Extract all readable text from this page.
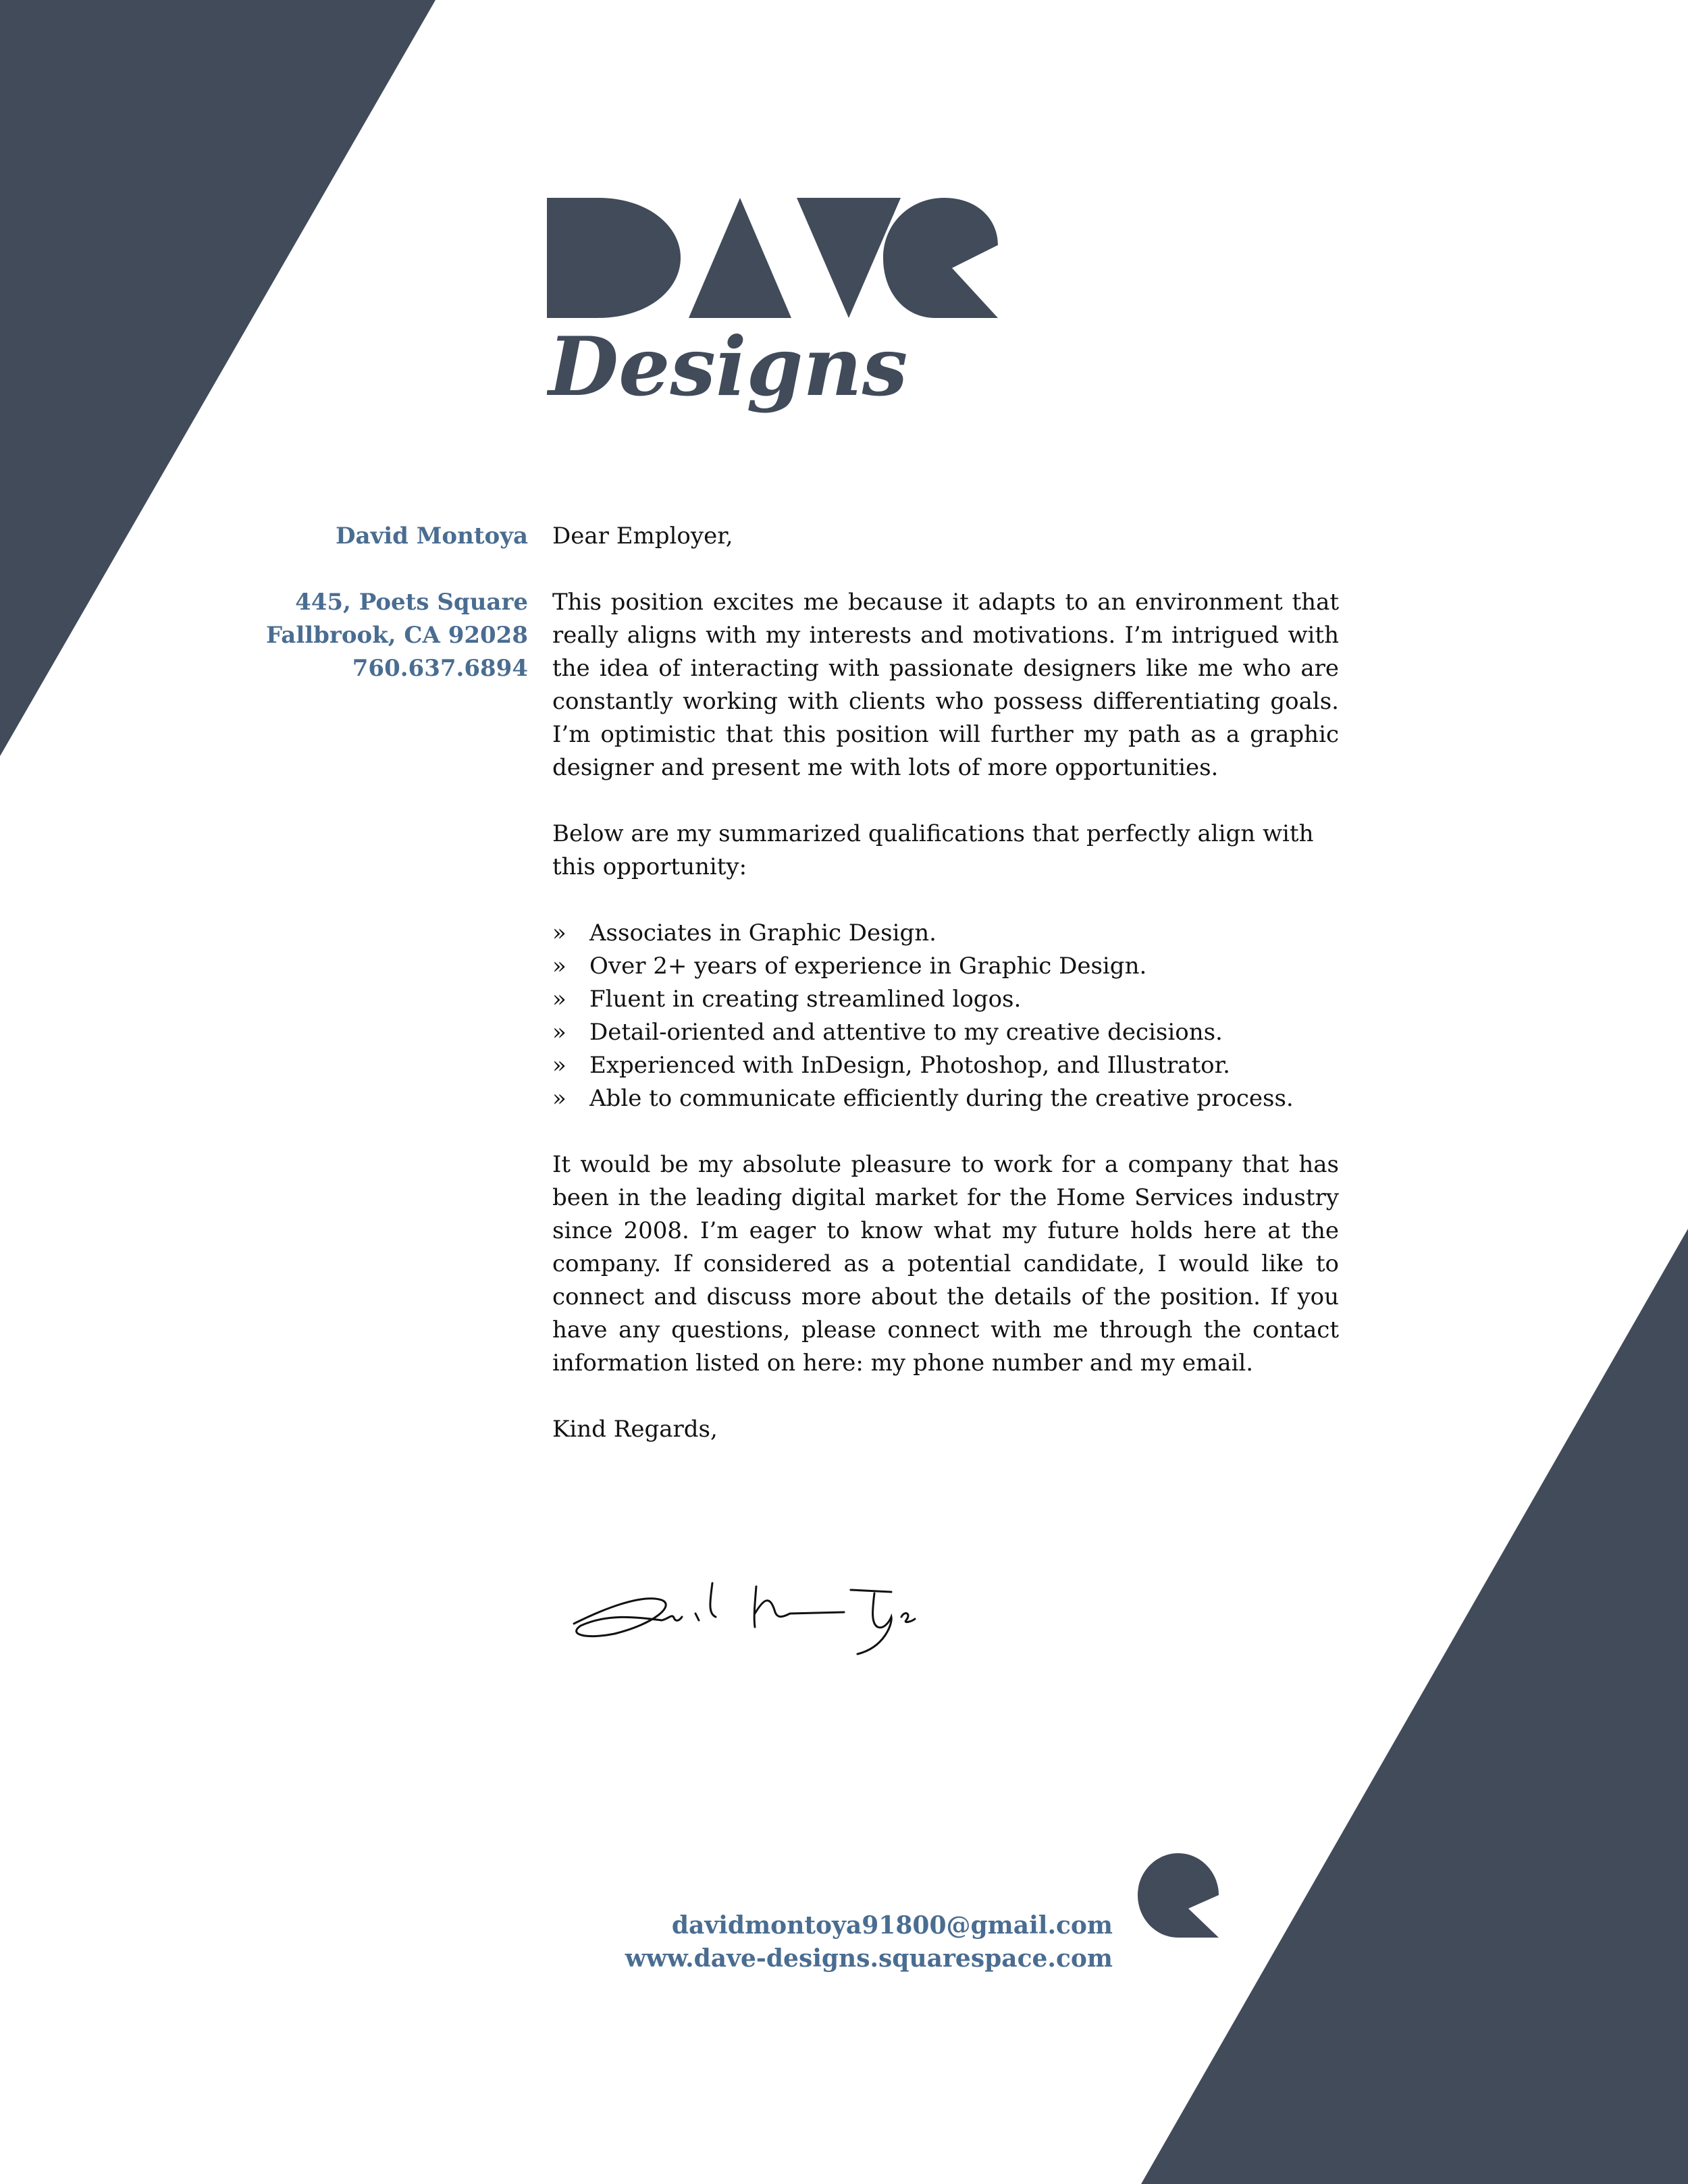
Designs
David Montoya
445, Poets Square
Fallbrook, CA 92028
760.637.6894

Dear Employer,

This position excites me because it adapts to an environment that really aligns with my interests and motivations. I’m intrigued with the idea of interacting with passionate designers like me who are constantly working with clients who possess differentiating goals. I’m optimistic that this position will further my path as a graphic designer and present me with lots of more opportunities.

Below are my summarized qualifications that perfectly align with this opportunity:

»	Associates in Graphic Design.
»	Over 2+ years of experience in Graphic Design.
»	Fluent in creating streamlined logos.
»	Detail-oriented and attentive to my creative decisions.
»	Experienced with InDesign, Photoshop, and Illustrator.
»	Able to communicate efficiently during the creative process.

It would be my absolute pleasure to work for a company that has been in the leading digital market for the Home Services industry since 2008. I’m eager to know what my future holds here at the company. If considered as a potential candidate, I would like to connect and discuss more about the details of the position. If you have any questions, please connect with me through the contact information listed on here: my phone number and my email.

Kind Regards,

davidmontoya91800@gmail.com
www.dave-designs.squarespace.com
